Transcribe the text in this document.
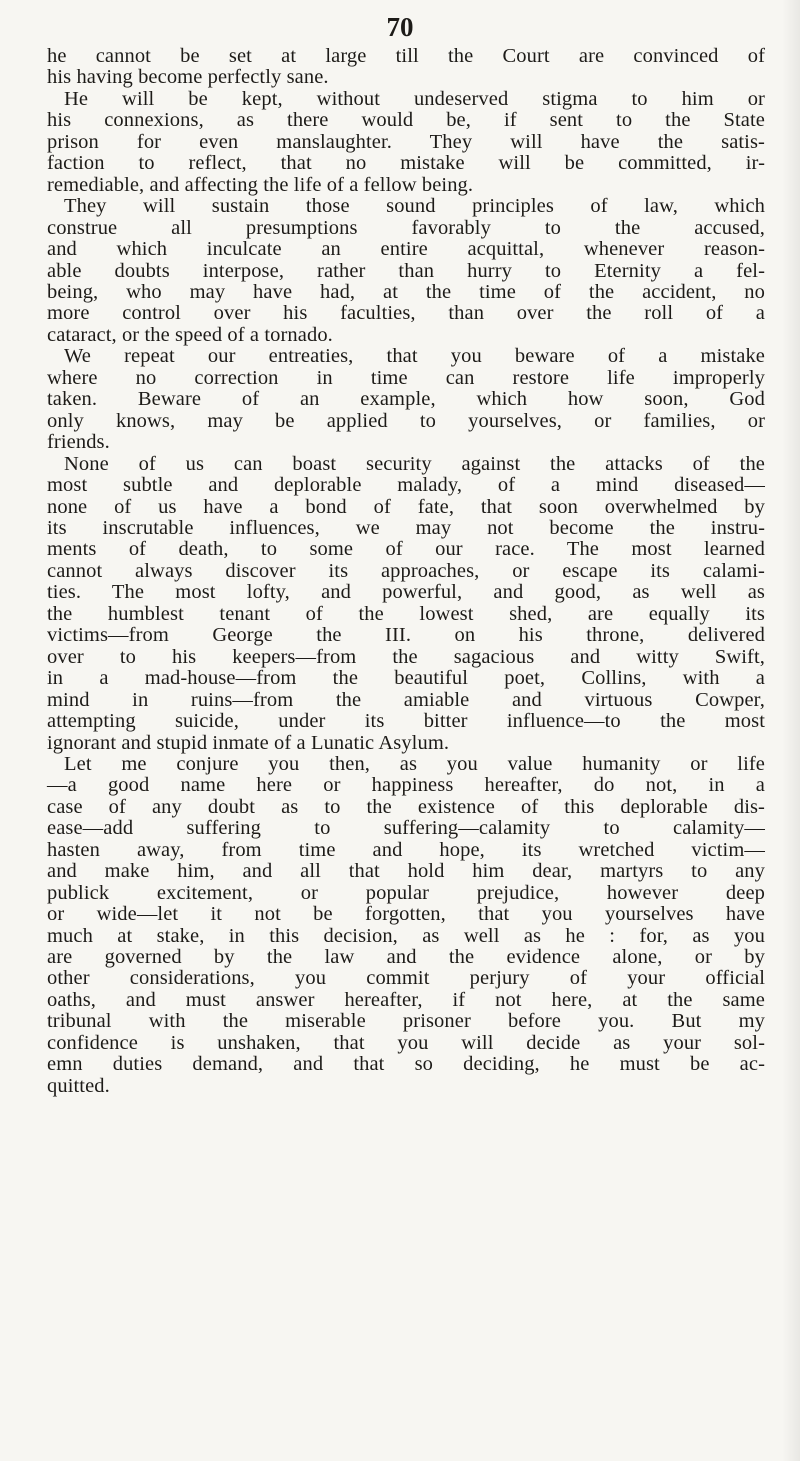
70
he cannot be set at large till the Court are convinced of
his having become perfectly sane.
He will be kept, without undeserved stigma to him or
his connexions, as there would be, if sent to the State
prison for even manslaughter. They will have the satis-
faction to reflect, that no mistake will be committed, ir-
remediable, and affecting the life of a fellow being.
They will sustain those sound principles of law, which
construe all presumptions favorably to the accused,
and which inculcate an entire acquittal, whenever reason-
able doubts interpose, rather than hurry to Eternity a fel-
being, who may have had, at the time of the accident, no
more control over his faculties, than over the roll of a
cataract, or the speed of a tornado.
We repeat our entreaties, that you beware of a mistake
where no correction in time can restore life improperly
taken. Beware of an example, which how soon, God
only knows, may be applied to yourselves, or families, or
friends.
None of us can boast security against the attacks of the
most subtle and deplorable malady, of a mind diseased—
none of us have a bond of fate, that soon overwhelmed by
its inscrutable influences, we may not become the instru-
ments of death, to some of our race. The most learned
cannot always discover its approaches, or escape its calami-
ties. The most lofty, and powerful, and good, as well as
the humblest tenant of the lowest shed, are equally its
victims—from George the III. on his throne, delivered
over to his keepers—from the sagacious and witty Swift,
in a mad-house—from the beautiful poet, Collins, with a
mind in ruins—from the amiable and virtuous Cowper,
attempting suicide, under its bitter influence—to the most
ignorant and stupid inmate of a Lunatic Asylum.
Let me conjure you then, as you value humanity or life
—a good name here or happiness hereafter, do not, in a
case of any doubt as to the existence of this deplorable dis-
ease—add suffering to suffering—calamity to calamity—
hasten away, from time and hope, its wretched victim—
and make him, and all that hold him dear, martyrs to any
publick excitement, or popular prejudice, however deep
or wide—let it not be forgotten, that you yourselves have
much at stake, in this decision, as well as he : for, as you
are governed by the law and the evidence alone, or by
other considerations, you commit perjury of your official
oaths, and must answer hereafter, if not here, at the same
tribunal with the miserable prisoner before you. But my
confidence is unshaken, that you will decide as your sol-
emn duties demand, and that so deciding, he must be ac-
quitted.
